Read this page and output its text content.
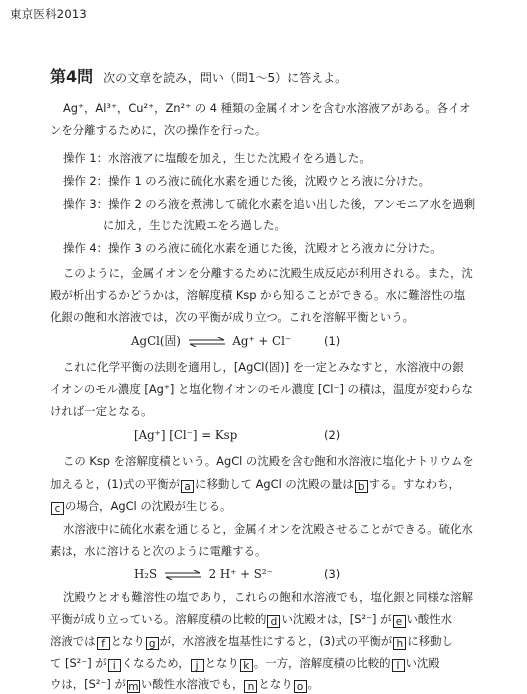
東京医科2013
第4問 次の文章を読み，問い（問1～5）に答えよ。
Ag⁺，Al³⁺，Cu²⁺，Zn²⁺ の 4 種類の金属イオンを含む水溶液アがある。各イオ
ンを分離するために，次の操作を行った。
操作 1：水溶液アに塩酸を加え，生じた沈殿イをろ過した。
操作 2：操作 1 のろ液に硫化水素を通じた後，沈殿ウとろ液に分けた。
操作 3：操作 2 のろ液を煮沸して硫化水素を追い出した後，アンモニア水を過剰
に加え，生じた沈殿エをろ過した。
操作 4：操作 3 のろ液に硫化水素を通じた後，沈殿オとろ液カに分けた。
このように，金属イオンを分離するために沈殿生成反応が利用される。また，沈
殿が析出するかどうかは，溶解度積 Ksp から知ることができる。水に難溶性の塩
化銀の飽和水溶液では，次の平衡が成り立つ。これを溶解平衡という。
AgCl(固) ⇌ Ag⁺ + Cl⁻	(1)
これに化学平衡の法則を適用し，[AgCl(固)] を一定とみなすと，水溶液中の銀
イオンのモル濃度 [Ag⁺] と塩化物イオンのモル濃度 [Cl⁻] の積は，温度が変わらな
ければ一定となる。
[Ag⁺] [Cl⁻] = Ksp	(2)
この Ksp を溶解度積という。AgCl の沈殿を含む飽和水溶液に塩化ナトリウムを
加えると，(1)式の平衡が a に移動して AgCl の沈殿の量は b する。すなわち，
c の場合，AgCl の沈殿が生じる。
水溶液中に硫化水素を通じると，金属イオンを沈殿させることができる。硫化水
素は，水に溶けると次のように電離する。
H₂S ⇌ 2 H⁺ + S²⁻	(3)
沈殿ウとオも難溶性の塩であり，これらの飽和水溶液でも，塩化銀と同様な溶解
平衡が成り立っている。溶解度積の比較的 d い沈殿オは，[S²⁻] が e い酸性水
溶液では f となり g が，水溶液を塩基性にすると，(3)式の平衡が h に移動し
て [S²⁻] が i くなるため， j となり k 。一方，溶解度積の比較的 l い沈殿
ウは，[S²⁻] が m い酸性水溶液でも， n となり o 。
